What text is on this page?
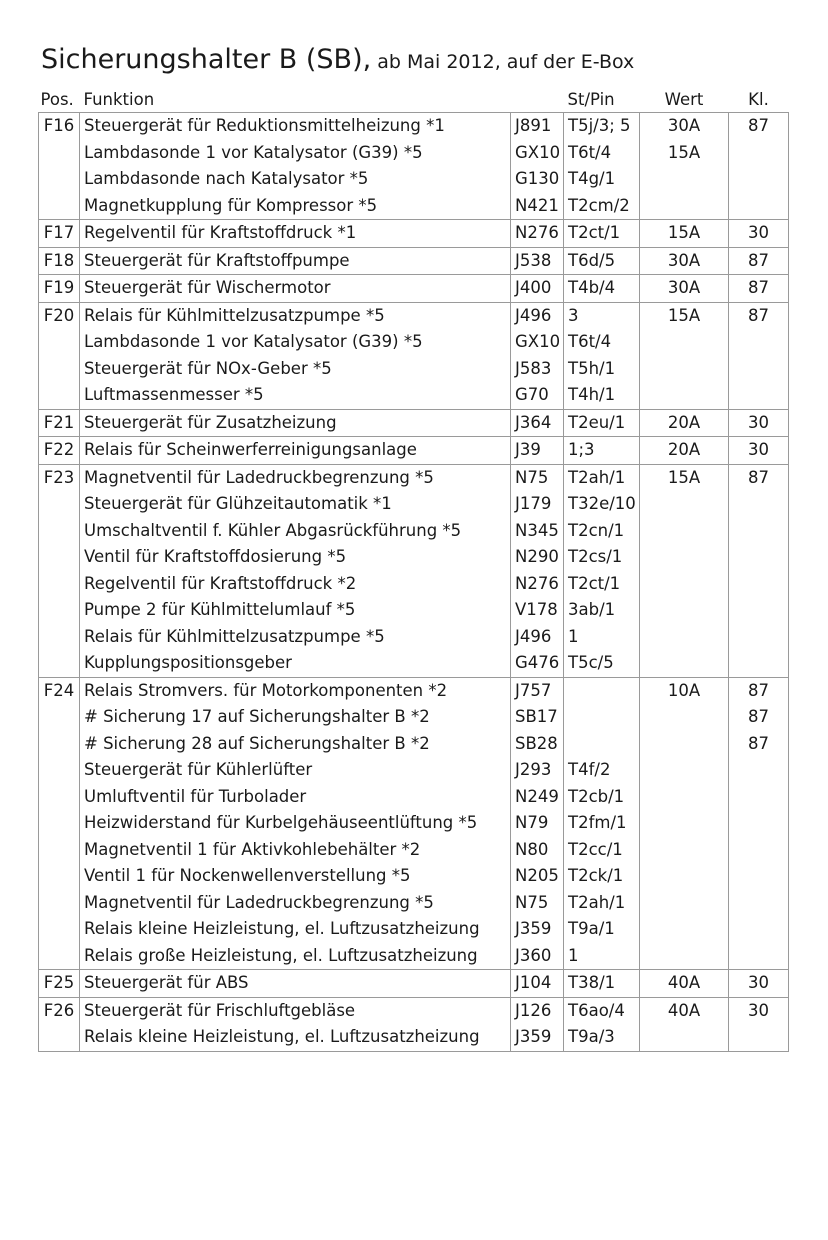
Sicherungshalter B (SB), ab Mai 2012, auf der E-Box
Pos.	Funktion		St/Pin	Wert	Kl.
F16	Steuergerät für Reduktionsmittelheizung *1	J891	T5j/3; 5	30A	87
	Lambdasonde 1 vor Katalysator (G39) *5	GX10	T6t/4	15A	
	Lambdasonde nach Katalysator *5	G130	T4g/1		
	Magnetkupplung für Kompressor *5	N421	T2cm/2		
F17	Regelventil für Kraftstoffdruck *1	N276	T2ct/1	15A	30
F18	Steuergerät für Kraftstoffpumpe	J538	T6d/5	30A	87
F19	Steuergerät für Wischermotor	J400	T4b/4	30A	87
F20	Relais für Kühlmittelzusatzpumpe *5	J496	3	15A	87
	Lambdasonde 1 vor Katalysator (G39) *5	GX10	T6t/4		
	Steuergerät für NOx-Geber *5	J583	T5h/1		
	Luftmassenmesser *5	G70	T4h/1		
F21	Steuergerät für Zusatzheizung	J364	T2eu/1	20A	30
F22	Relais für Scheinwerferreinigungsanlage	J39	1;3	20A	30
F23	Magnetventil für Ladedruckbegrenzung *5	N75	T2ah/1	15A	87
	Steuergerät für Glühzeitautomatik *1	J179	T32e/10		
	Umschaltventil f. Kühler Abgasrückführung *5	N345	T2cn/1		
	Ventil für Kraftstoffdosierung *5	N290	T2cs/1		
	Regelventil für Kraftstoffdruck *2	N276	T2ct/1		
	Pumpe 2 für Kühlmittelumlauf *5	V178	3ab/1		
	Relais für Kühlmittelzusatzpumpe *5	J496	1		
	Kupplungspositionsgeber	G476	T5c/5		
F24	Relais Stromvers. für Motorkomponenten *2	J757		10A	87
	# Sicherung 17 auf Sicherungshalter B *2	SB17			87
	# Sicherung 28 auf Sicherungshalter B *2	SB28			87
	Steuergerät für Kühlerlüfter	J293	T4f/2		
	Umluftventil für Turbolader	N249	T2cb/1		
	Heizwiderstand für Kurbelgehäuseentlüftung *5	N79	T2fm/1		
	Magnetventil 1 für Aktivkohlebehälter *2	N80	T2cc/1		
	Ventil 1 für Nockenwellenverstellung *5	N205	T2ck/1		
	Magnetventil für Ladedruckbegrenzung *5	N75	T2ah/1		
	Relais kleine Heizleistung, el. Luftzusatzheizung	J359	T9a/1		
	Relais große Heizleistung, el. Luftzusatzheizung	J360	1		
F25	Steuergerät für ABS	J104	T38/1	40A	30
F26	Steuergerät für Frischluftgebläse	J126	T6ao/4	40A	30
	Relais kleine Heizleistung, el. Luftzusatzheizung	J359	T9a/3		
